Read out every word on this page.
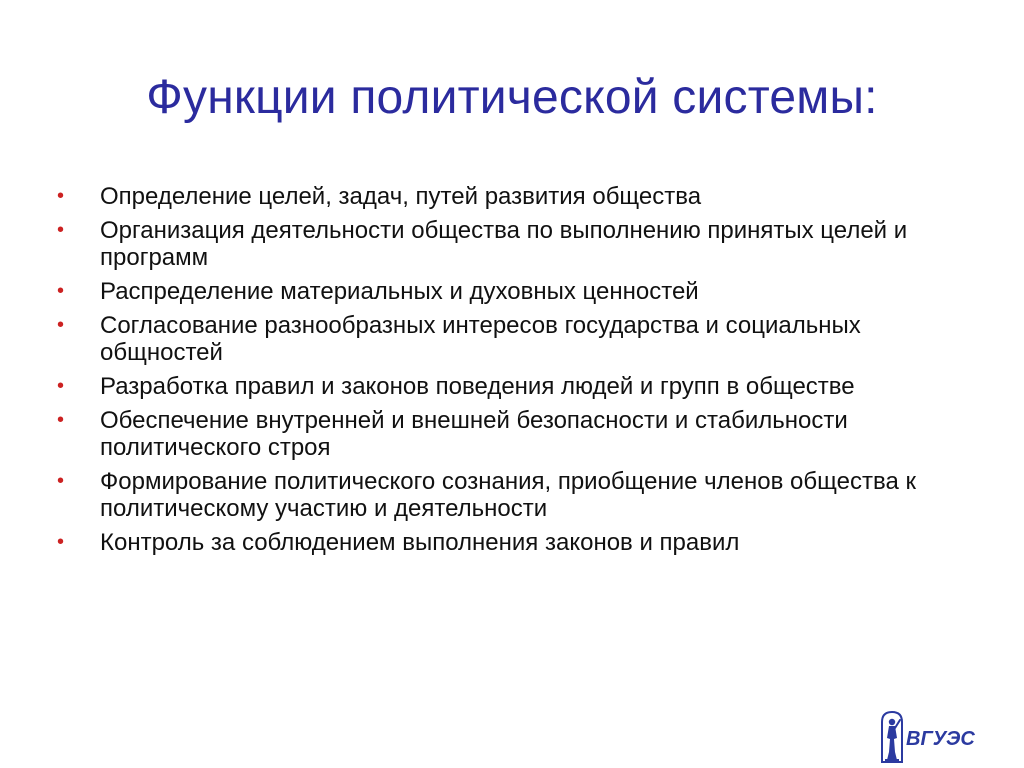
Функции политической системы:
•	Определение целей, задач, путей развития общества
•	Организация деятельности общества по выполнению принятых целей и программ
•	Распределение материальных и духовных ценностей
•	Согласование разнообразных интересов государства и социальных общностей
•	Разработка правил и законов поведения людей и групп в обществе
•	Обеспечение внутренней и внешней безопасности и стабильности политического строя
•	Формирование политического сознания, приобщение членов общества к политическому участию и деятельности
•	Контроль за соблюдением выполнения законов и правил
ВГУЭС
